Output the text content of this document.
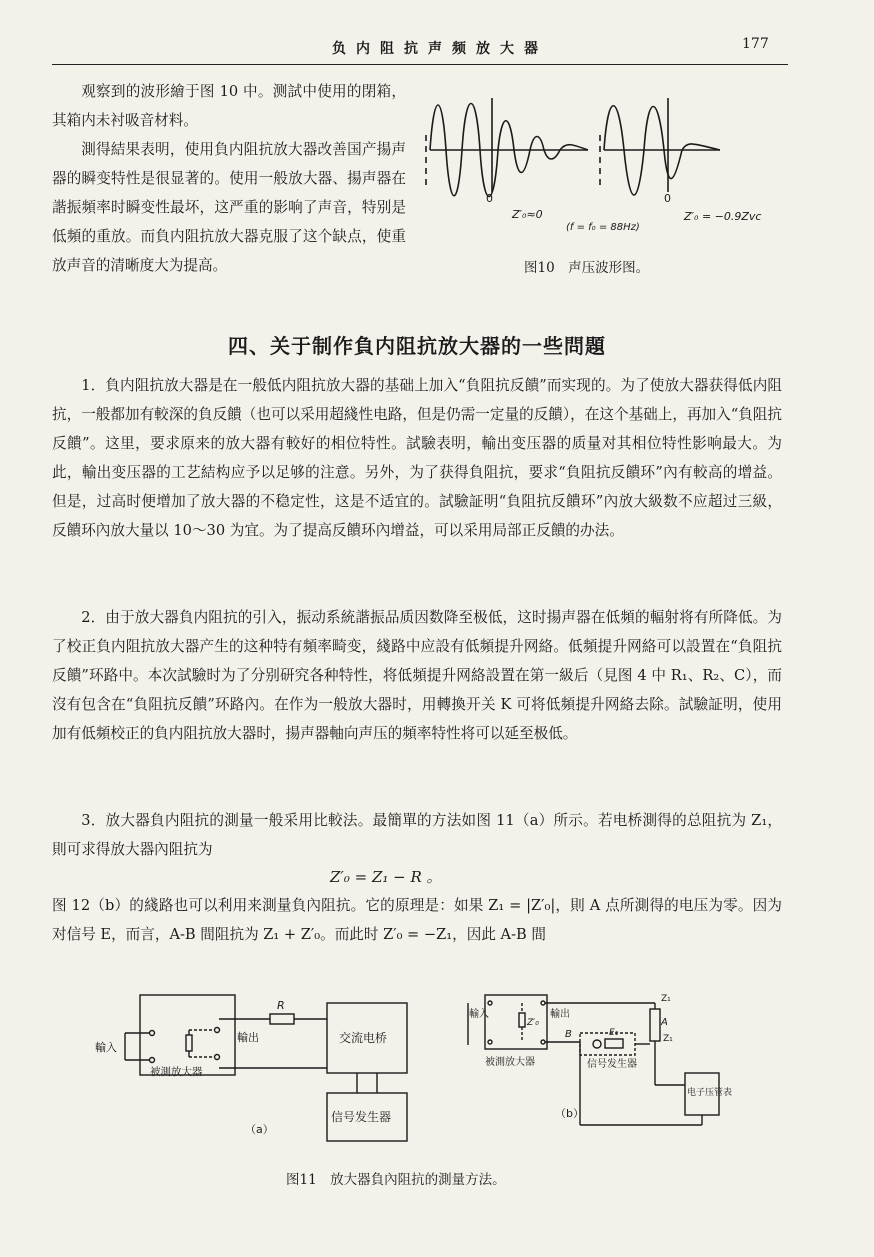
负内阻抗声频放大器	177

观察到的波形繪于图 10 中。测試中使用的閉箱，其箱内未衬吸音材料。

測得結果表明，使用負内阻抗放大器改善国产揚声器的瞬变特性是很显著的。使用一般放大器、揚声器在諧振頻率时瞬变性最坏，这严重的影响了声音，特别是低頻的重放。而負内阻抗放大器克服了这个缺点，使重放声音的清晰度大为提高。

0	0
Z′₀≈0
(f = f₀ = 88Hz)
Z′₀ = −0.9Zvc
图10　声压波形图。
四、关于制作負内阻抗放大器的一些問題

1．負内阻抗放大器是在一般低内阻抗放大器的基础上加入“負阻抗反饋”而实现的。为了使放大器获得低内阻抗，一般都加有較深的負反饋（也可以采用超綫性电路，但是仍需一定量的反饋），在这个基础上，再加入“負阻抗反饋”。这里，要求原来的放大器有較好的相位特性。試驗表明，輸出变压器的质量对其相位特性影响最大。为此，輸出变压器的工艺結构应予以足够的注意。另外，为了获得負阻抗，要求“負阻抗反饋环”內有較高的增益。但是，过高时便增加了放大器的不稳定性，这是不适宜的。試驗証明“負阻抗反饋环”內放大級数不应超过三級，反饋环內放大量以 10～30 为宜。为了提高反饋环內增益，可以采用局部正反饋的办法。

2．由于放大器負内阻抗的引入，振动系統諧振品质因数降至极低，这时揚声器在低頻的輻射将有所降低。为了校正負内阻抗放大器产生的这种特有頻率畸变，綫路中应設有低頻提升网絡。低頻提升网絡可以設置在“負阻抗反饋”环路中。本次試驗时为了分别研究各种特性，将低頻提升网絡設置在第一級后（見图 4 中 R₁、R₂、C），而沒有包含在“負阻抗反饋”环路內。在作为一般放大器时，用轉換开关 K 可将低頻提升网絡去除。試驗証明，使用加有低頻校正的負内阻抗放大器时，揚声器軸向声压的頻率特性将可以延至极低。

3．放大器負内阻抗的測量一般采用比較法。最簡單的方法如图 11（a）所示。若电桥測得的总阻抗为 Z₁，則可求得放大器內阻抗为

Z′₀ = Z₁ − R 。

图 12（b）的綫路也可以利用来測量負內阻抗。它的原理是：如果 Z₁ = |Z′₀|，則 A 点所測得的电压为零。因为对信号 E，而言，A-B 間阻抗为 Z₁ + Z′₀。而此时 Z′₀ = −Z₁，因此 A-B 間

輸入
輸出
被測放大器
R
交流电桥
信号发生器
（a）
輸入	輸出
被測放大器
Z′₀	A
B
Z₁
Z₁
E₁
信号发生器
电子压管表
（b）
图11　放大器負內阻抗的測量方法。
